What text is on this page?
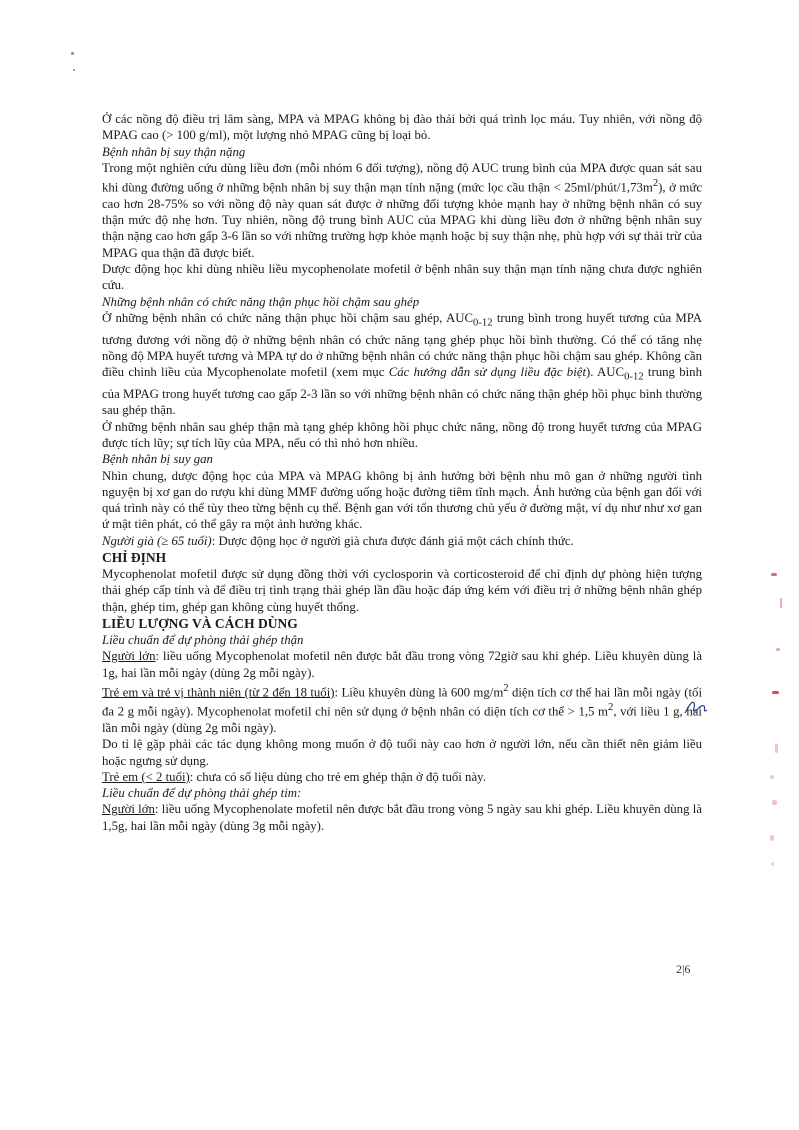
Ở các nồng độ điều trị lâm sàng, MPA và MPAG không bị đào thải bởi quá trình lọc máu. Tuy nhiên, với nồng độ MPAG cao (> 100 g/ml), một lượng nhỏ MPAG cũng bị loại bỏ.

Bệnh nhân bị suy thận nặng

Trong một nghiên cứu dùng liều đơn (mỗi nhóm 6 đối tượng), nồng độ AUC trung bình của MPA được quan sát sau khi dùng đường uống ở những bệnh nhân bị suy thận mạn tính nặng (mức lọc cầu thận < $25ml/phút/1,73m^2$), ở mức cao hơn 28-75% so với nồng độ này quan sát được ở những đối tượng khỏe mạnh hay ở những bệnh nhân có suy thận mức độ nhẹ hơn. Tuy nhiên, nồng độ trung bình AUC của MPAG khi dùng liều đơn ở những bệnh nhân suy thận nặng cao hơn gấp 3-6 lần so với những trường hợp khỏe mạnh hoặc bị suy thận nhẹ, phù hợp với sự thải trừ của MPAG qua thận đã được biết.

Dược động học khi dùng nhiều liều mycophenolate mofetil ở bệnh nhân suy thận mạn tính nặng chưa được nghiên cứu.

Những bệnh nhân có chức năng thận phục hồi chậm sau ghép

Ở những bệnh nhân có chức năng thận phục hồi chậm sau ghép, $AUC_{0-12}$ trung bình trong huyết tương của MPA tương đương với nồng độ ở những bệnh nhân có chức năng tạng ghép phục hồi bình thường. Có thể có tăng nhẹ nồng độ MPA huyết tương và MPA tự do ở những bệnh nhân có chức năng thận phục hồi chậm sau ghép. Không cần điều chỉnh liều của Mycophenolate mofetil (xem mục Các hướng dẫn sử dụng liều đặc biệt). $AUC_{0-12}$ trung bình của MPAG trong huyết tương cao gấp 2-3 lần so với những bệnh nhân có chức năng thận ghép hồi phục bình thường sau ghép thận.

Ở những bệnh nhân sau ghép thận mà tạng ghép không hồi phục chức năng, nồng độ trong huyết tương của MPAG được tích lũy; sự tích lũy của MPA, nếu có thì nhỏ hơn nhiều.

Bệnh nhân bị suy gan

Nhìn chung, dược động học của MPA và MPAG không bị ảnh hưởng bởi bệnh nhu mô gan ở những người tình nguyện bị xơ gan do rượu khi dùng MMF đường uống hoặc đường tiêm tĩnh mạch. Ảnh hưởng của bệnh gan đối với quá trình này có thể tùy theo từng bệnh cụ thể. Bệnh gan với tổn thương chủ yếu ở đường mật, ví dụ như như xơ gan ứ mật tiên phát, có thể gây ra một ảnh hưởng khác.

Người già (≥ 65 tuổi): Dược động học ở người già chưa được đánh giá một cách chính thức.

CHỈ ĐỊNH

Mycophenolat mofetil được sử dụng đồng thời với cyclosporin và corticosteroid để chỉ định dự phòng hiện tượng thải ghép cấp tính và để điều trị tình trạng thải ghép lần đầu hoặc đáp ứng kém với điều trị ở những bệnh nhân ghép thận, ghép tim, ghép gan không cùng huyết thống.

LIỀU LƯỢNG VÀ CÁCH DÙNG

Liều chuẩn để dự phòng thải ghép thận

Người lớn: liều uống Mycophenolat mofetil nên được bắt đầu trong vòng 72giờ sau khi ghép. Liều khuyên dùng là 1g, hai lần mỗi ngày (dùng 2g mỗi ngày).

Trẻ em và trẻ vị thành niên (từ 2 đến 18 tuổi): Liều khuyên dùng là 600 $mg/m^2$ diện tích cơ thể hai lần mỗi ngày (tối đa 2 g mỗi ngày). Mycophenolat mofetil chỉ nên sử dụng ở bệnh nhân có diện tích cơ thể > 1,5 $m^2$, với liều 1 g, hai lần mỗi ngày (dùng 2g mỗi ngày).

Do tỉ lệ gặp phải các tác dụng không mong muốn ở độ tuổi này cao hơn ở người lớn, nếu cần thiết nên giảm liều hoặc ngưng sử dụng.

Trẻ em (< 2 tuổi): chưa có số liệu dùng cho trẻ em ghép thận ở độ tuổi này.

Liều chuẩn để dự phòng thải ghép tim:

Người lớn: liều uống Mycophenolate mofetil nên được bắt đầu trong vòng 5 ngày sau khi ghép. Liều khuyên dùng là 1,5g, hai lần mỗi ngày (dùng 3g mỗi ngày).

2|6
